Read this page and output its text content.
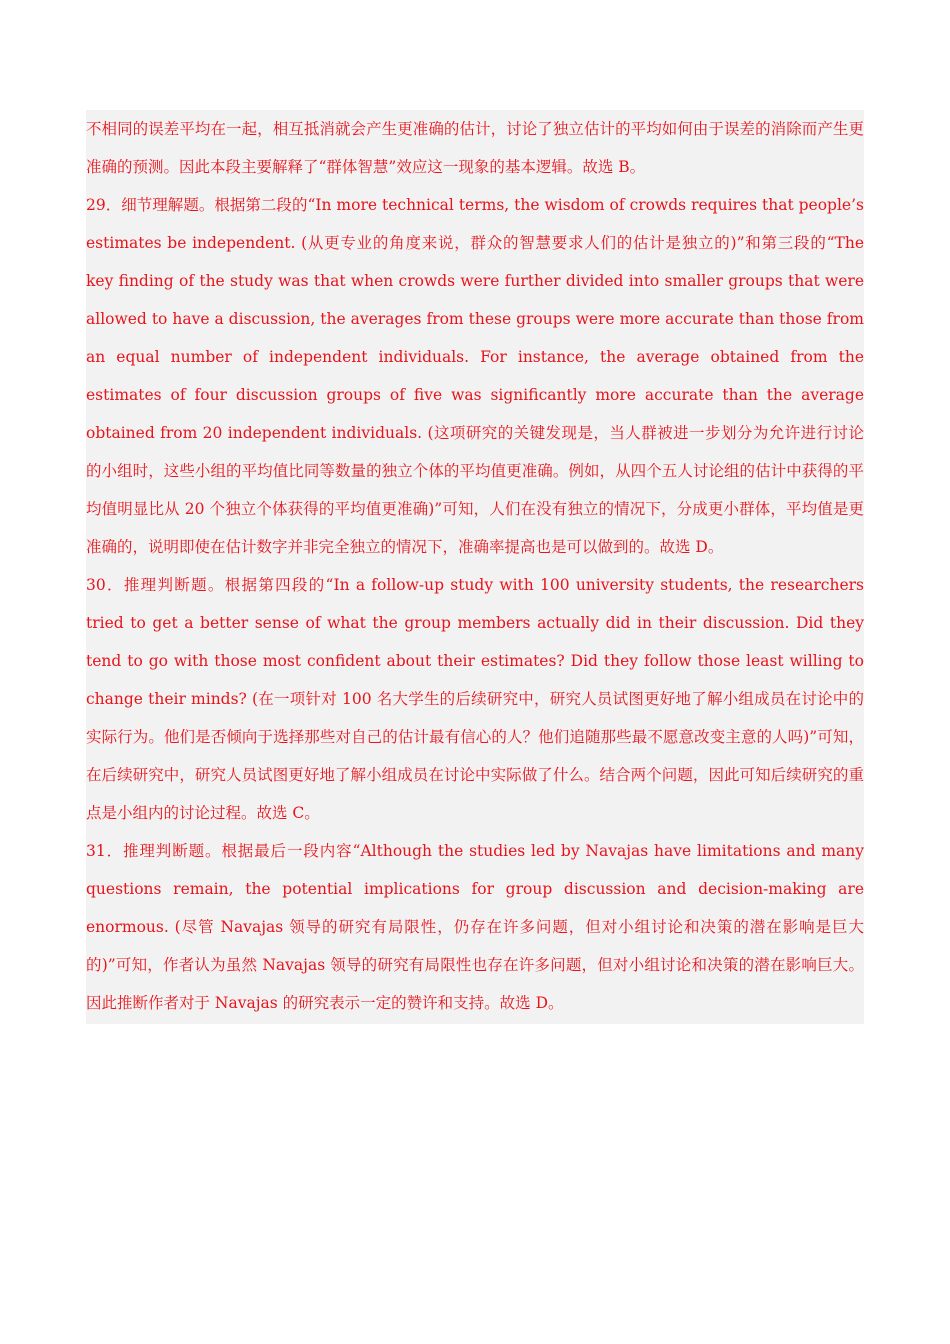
不相同的误差平均在一起，相互抵消就会产生更准确的估计，讨论了独立估计的平均如何由于误差的消除而产生更准确的预测。因此本段主要解释了“群体智慧”效应这一现象的基本逻辑。故选 B。

29．细节理解题。根据第二段的“In more technical terms, the wisdom of crowds requires that people’s estimates be independent. (从更专业的角度来说，群众的智慧要求人们的估计是独立的)”和第三段的“The key finding of the study was that when crowds were further divided into smaller groups that were allowed to have a discussion, the averages from these groups were more accurate than those from an equal number of independent individuals. For instance, the average obtained from the estimates of four discussion groups of five was significantly more accurate than the average obtained from 20 independent individuals. (这项研究的关键发现是，当人群被进一步划分为允许进行讨论的小组时，这些小组的平均值比同等数量的独立个体的平均值更准确。例如，从四个五人讨论组的估计中获得的平均值明显比从 20 个独立个体获得的平均值更准确)”可知，人们在没有独立的情况下，分成更小群体，平均值是更准确的，说明即使在估计数字并非完全独立的情况下，准确率提高也是可以做到的。故选 D。

30．推理判断题。根据第四段的“In a follow-up study with 100 university students, the researchers tried to get a better sense of what the group members actually did in their discussion. Did they tend to go with those most confident about their estimates? Did they follow those least willing to change their minds? (在一项针对 100 名大学生的后续研究中，研究人员试图更好地了解小组成员在讨论中的实际行为。他们是否倾向于选择那些对自己的估计最有信心的人？他们追随那些最不愿意改变主意的人吗)”可知，在后续研究中，研究人员试图更好地了解小组成员在讨论中实际做了什么。结合两个问题，因此可知后续研究的重点是小组内的讨论过程。故选 C。

31．推理判断题。根据最后一段内容“Although the studies led by Navajas have limitations and many questions remain, the potential implications for group discussion and decision-making are enormous. (尽管 Navajas 领导的研究有局限性，仍存在许多问题，但对小组讨论和决策的潜在影响是巨大的)”可知，作者认为虽然 Navajas 领导的研究有局限性也存在许多问题，但对小组讨论和决策的潜在影响巨大。因此推断作者对于 Navajas 的研究表示一定的赞许和支持。故选 D。
